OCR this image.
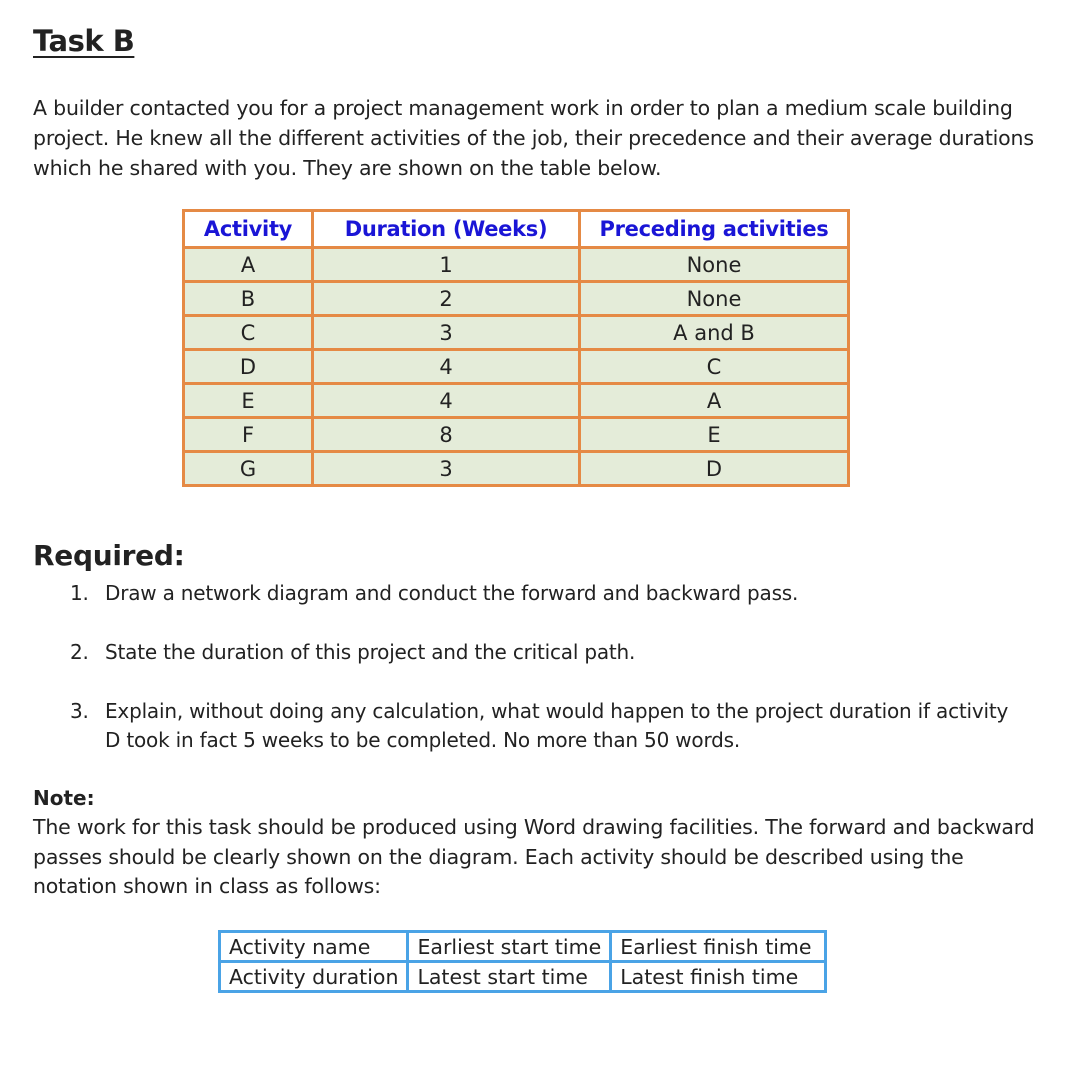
Task B

A builder contacted you for a project management work in order to plan a medium scale building project. He knew all the different activities of the job, their precedence and their average durations which he shared with you. They are shown on the table below.

Activity	Duration (Weeks)	Preceding activities
A	1	None
B	2	None
C	3	A and B
D	4	C
E	4	A
F	8	E
G	3	D
Required:
1. Draw a network diagram and conduct the forward and backward pass.
2. State the duration of this project and the critical path.
3. Explain, without doing any calculation, what would happen to the project duration if activity D took in fact 5 weeks to be completed. No more than 50 words.
Note:

The work for this task should be produced using Word drawing facilities. The forward and backward passes should be clearly shown on the diagram. Each activity should be described using the notation shown in class as follows:

Activity name	Earliest start time	Earliest finish time
Activity duration	Latest start time	Latest finish time
